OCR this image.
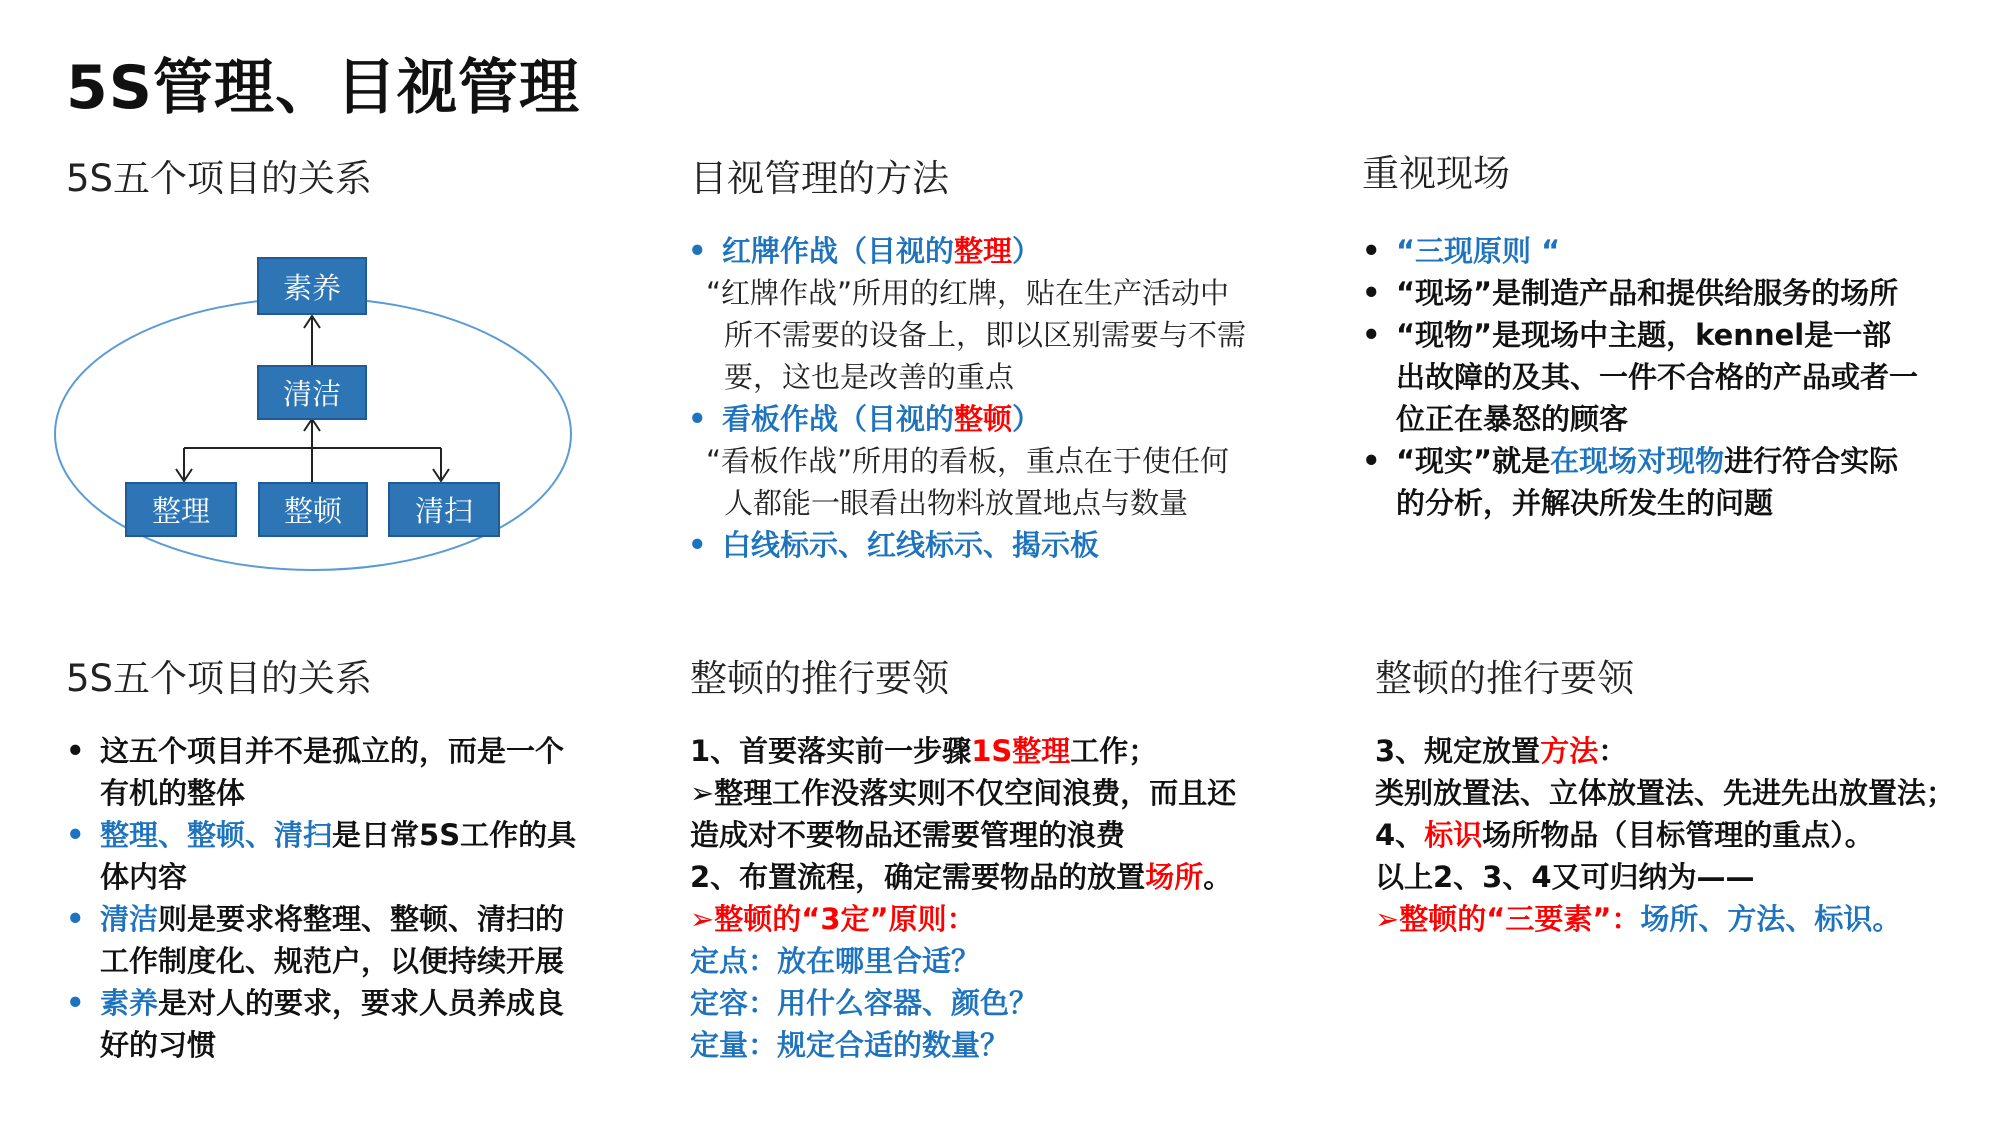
5S管理、目视管理
5S五个项目的关系
素养
清洁
整理	整顿	清扫
目视管理的方法

• 红牌作战（目视的整理）

“红牌作战”所用的红牌，贴在生产活动中
所不需要的设备上，即以区别需要与不需
要，这也是改善的重点

• 看板作战（目视的整顿）

“看板作战”所用的看板，重点在于使任何
人都能一眼看出物料放置地点与数量

• 白线标示、红线标示、揭示板

重视现场

• “三现原则 “

• “现场”是制造产品和提供给服务的场所

• “现物”是现场中主题，kennel是一部
出故障的及其、一件不合格的产品或者一
位正在暴怒的顾客

• “现实”就是在现场对现物进行符合实际
的分析，并解决所发生的问题

5S五个项目的关系

• 这五个项目并不是孤立的，而是一个
有机的整体

• 整理、整顿、清扫是日常5S工作的具
体内容

• 清洁则是要求将整理、整顿、清扫的
工作制度化、规范户，以便持续开展

• 素养是对人的要求，要求人员养成良
好的习惯

整顿的推行要领

1、首要落实前一步骤1S整理工作；

➢整理工作没落实则不仅空间浪费，而且还

造成对不要物品还需要管理的浪费

2、布置流程，确定需要物品的放置场所。

➢整顿的“3定”原则：

定点：放在哪里合适？

定容：用什么容器、颜色？

定量：规定合适的数量？

整顿的推行要领

3、规定放置方法：

类别放置法、立体放置法、先进先出放置法；

4、标识场所物品（目标管理的重点）。

以上2、3、4又可归纳为——

➢整顿的“三要素”：场所、方法、标识。
